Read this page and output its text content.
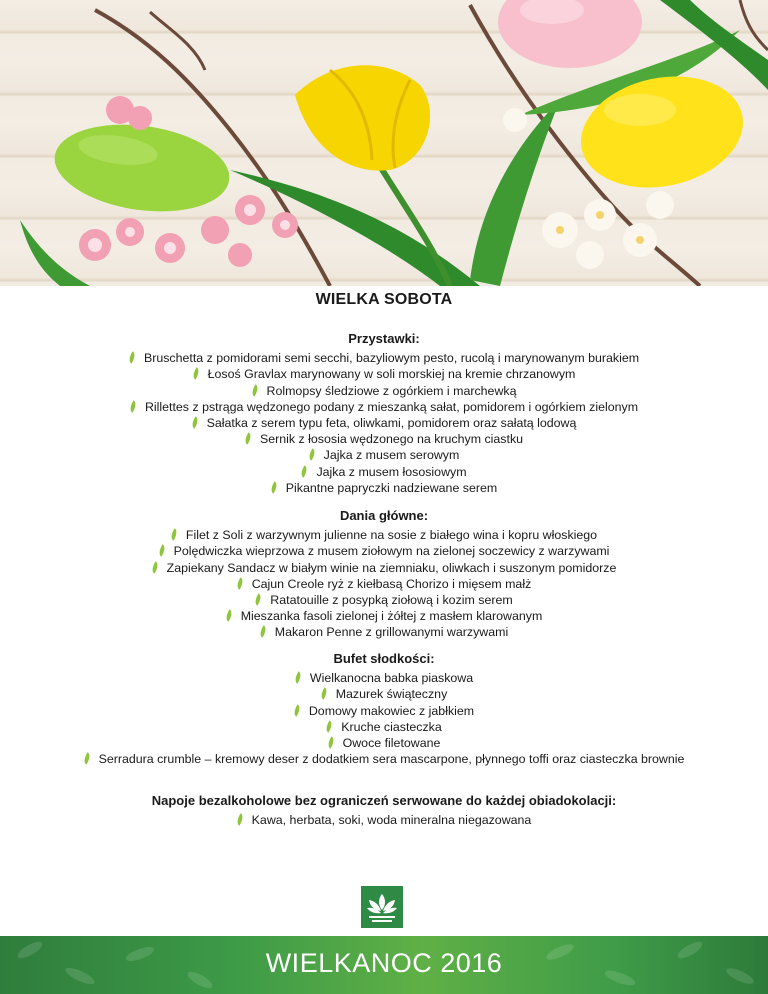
WIELKA SOBOTA
Przystawki:
Bruschetta z pomidorami semi secchi, bazyliowym pesto, rucolą i marynowanym burakiem
Łosoś Gravlax marynowany w soli morskiej na kremie chrzanowym
Rolmopsy śledziowe z ogórkiem i marchewką
Rillettes z pstrąga wędzonego podany z mieszanką sałat, pomidorem i ogórkiem zielonym
Sałatka z serem typu feta, oliwkami, pomidorem oraz sałatą lodową
Sernik z łososia wędzonego na kruchym ciastku
Jajka z musem serowym
Jajka z musem łososiowym
Pikantne papryczki nadziewane serem
Dania główne:
Filet z Soli z warzywnym julienne na sosie z białego wina i kopru włoskiego
Polędwiczka wieprzowa z musem ziołowym na zielonej soczewicy z warzywami
Zapiekany Sandacz w białym winie na ziemniaku, oliwkach i suszonym pomidorze
Cajun Creole ryż z kiełbasą Chorizo i mięsem małż
Ratatouille z posypką ziołową i kozim serem
Mieszanka fasoli zielonej i żółtej z masłem klarowanym
Makaron Penne z grillowanymi warzywami
Bufet słodkości:
Wielkanocna babka piaskowa
Mazurek świąteczny
Domowy makowiec z jabłkiem
Kruche ciasteczka
Owoce filetowane
Serradura crumble – kremowy deser z dodatkiem sera mascarpone, płynnego toffi oraz ciasteczka brownie
Napoje bezalkoholowe bez ograniczeń serwowane do każdej obiadokolacji:
Kawa, herbata, soki, woda mineralna niegazowana
WIELKANOC 2016
